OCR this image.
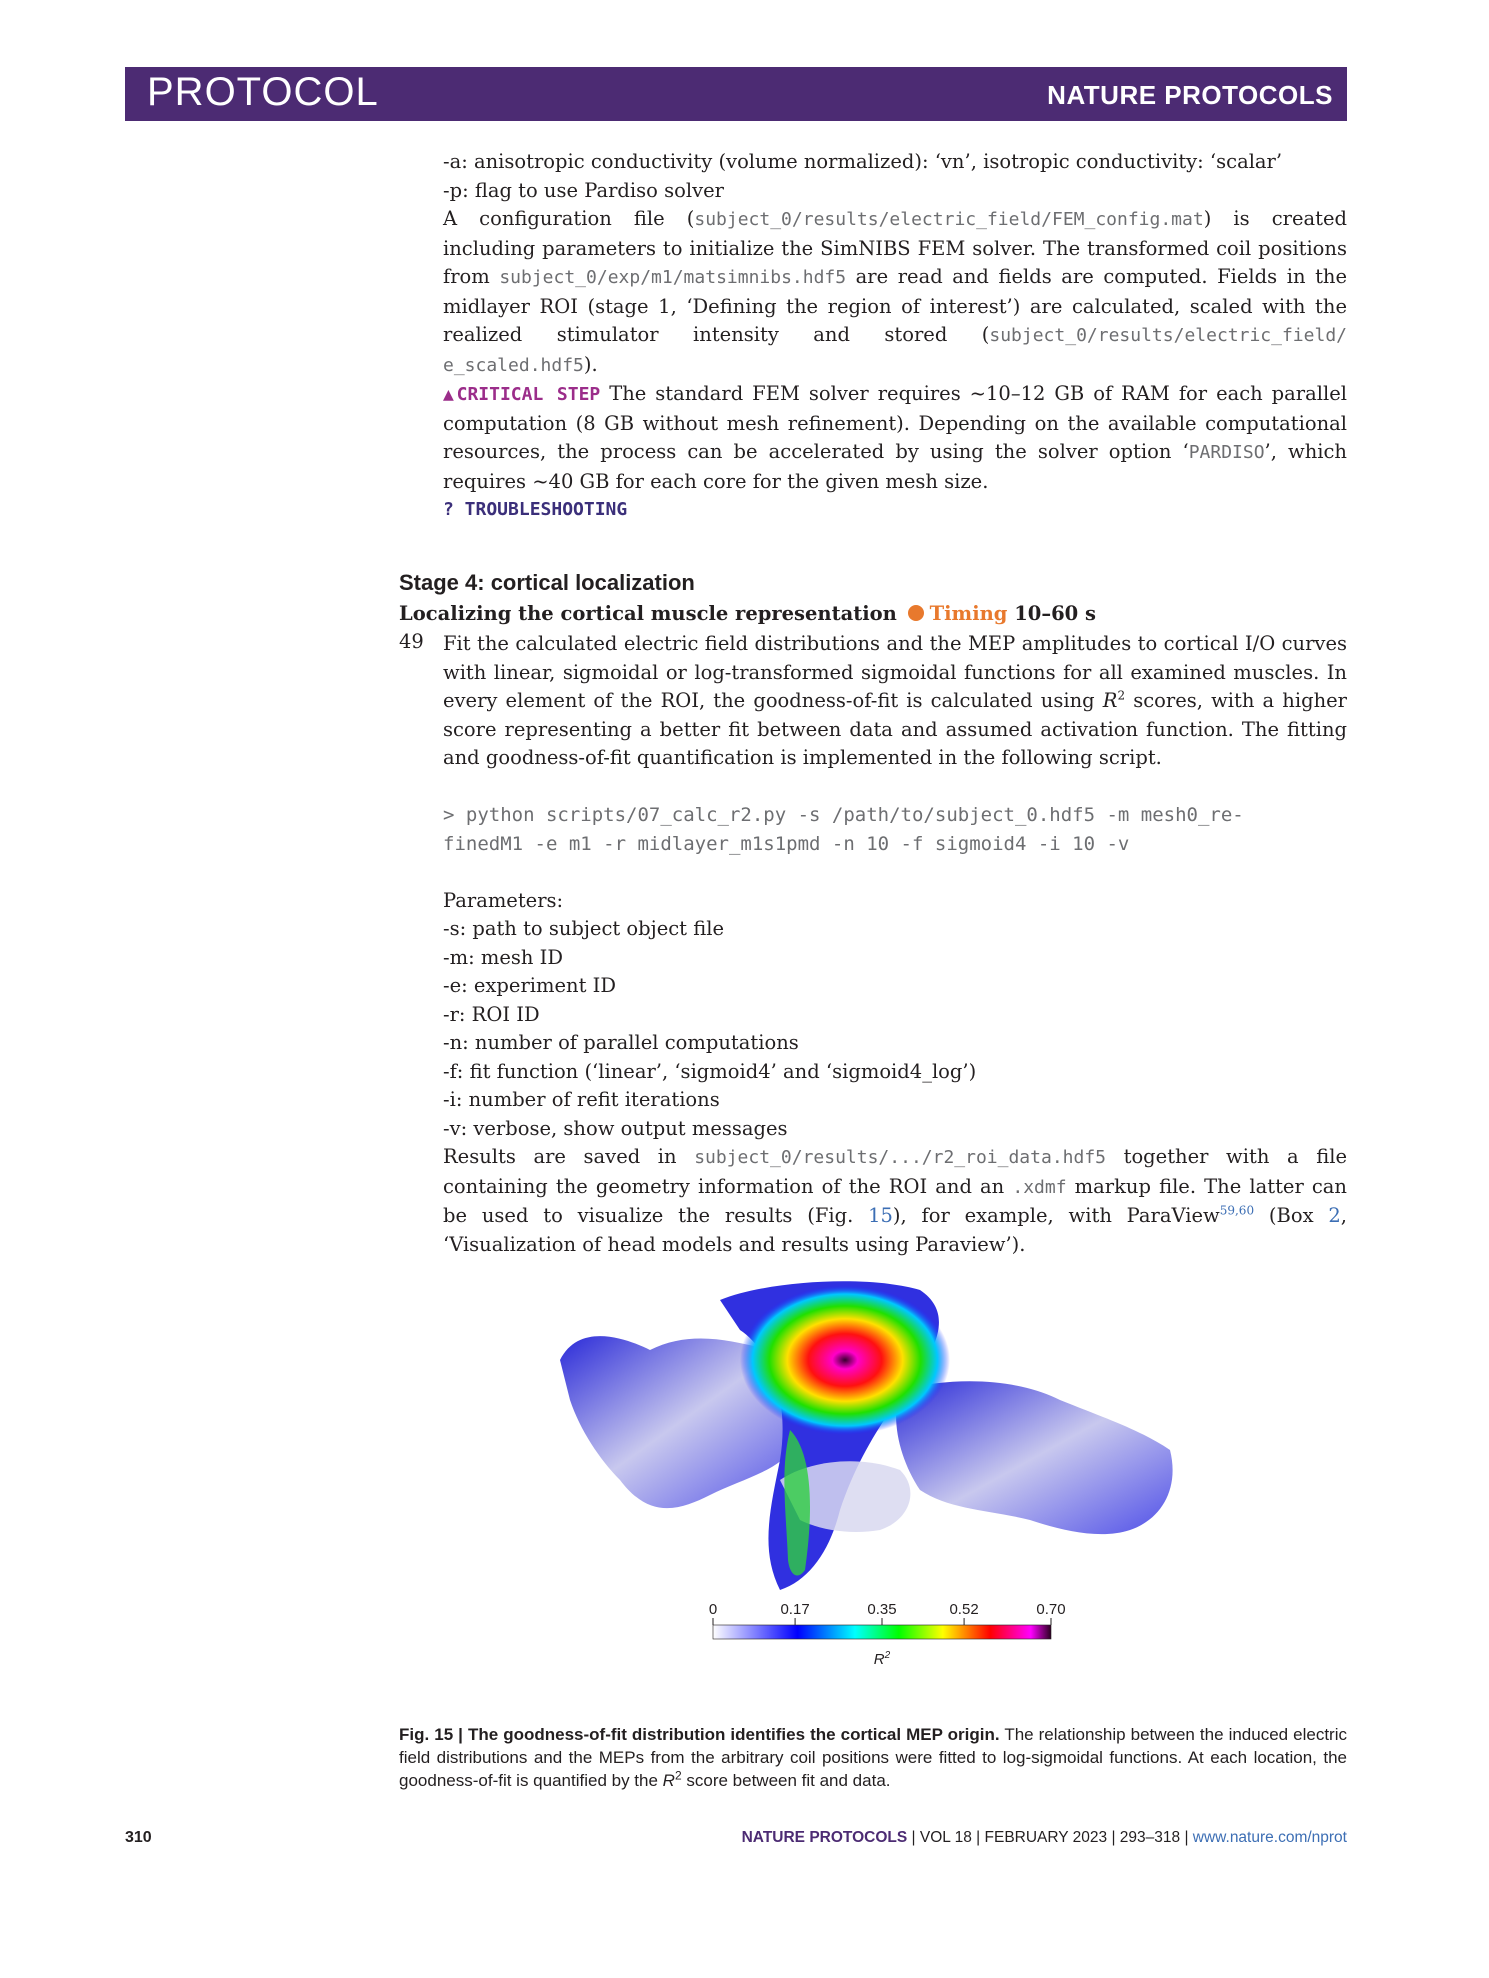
PROTOCOL	NATURE PROTOCOLS

-a: anisotropic conductivity (volume normalized): ‘vn’, isotropic conductivity: ‘scalar’

-p: flag to use Pardiso solver

A configuration file (subject_0/results/electric_field/FEM_config.mat) is created including parameters to initialize the SimNIBS FEM solver. The transformed coil positions from subject_0/exp/m1/matsimnibs.hdf5 are read and fields are computed. Fields in the midlayer ROI (stage 1, ‘Defining the region of interest’) are calculated, scaled with the realized stimulator intensity and stored (subject_0/results/electric_field/ e_scaled.hdf5).

▲CRITICAL STEP The standard FEM solver requires ~10–12 GB of RAM for each parallel computation (8 GB without mesh refinement). Depending on the available computational resources, the process can be accelerated by using the solver option ‘PARDISO’, which requires ~40 GB for each core for the given mesh size.

? TROUBLESHOOTING

Stage 4: cortical localization
Localizing the cortical muscle representation Timing 10–60 s
49 Fit the calculated electric field distributions and the MEP amplitudes to cortical I/O curves with linear, sigmoidal or log-transformed sigmoidal functions for all examined muscles. In every element of the ROI, the goodness-of-fit is calculated using $R^2$ scores, with a higher score representing a better fit between data and assumed activation function. The fitting and goodness-of-fit quantification is implemented in the following script.

> python scripts/07_calc_r2.py -s /path/to/subject_0.hdf5 -m mesh0_re-

finedM1 -e m1 -r midlayer_m1s1pmd -n 10 -f sigmoid4 -i 10 -v

Parameters:

-s: path to subject object file

-m: mesh ID

-e: experiment ID

-r: ROI ID

-n: number of parallel computations

-f: fit function (‘linear’, ‘sigmoid4’ and ‘sigmoid4_log’)

-i: number of refit iterations

-v: verbose, show output messages

Results are saved in subject_0/results/.../r2_roi_data.hdf5 together with a file containing the geometry information of the ROI and an .xdmf markup file. The latter can be used to visualize the results (Fig. 15), for example, with ParaView$^{59,60}$ (Box 2, ‘Visualization of head models and results using Paraview’).

0	0.17	0.35	0.52	0.70
$R^2$
Fig. 15 | The goodness-of-fit distribution identifies the cortical MEP origin. The relationship between the induced electric field distributions and the MEPs from the arbitrary coil positions were fitted to log-sigmoidal functions. At each location, the goodness-of-fit is quantified by the $R^2$ score between fit and data.
310	NATURE PROTOCOLS | VOL 18 | FEBRUARY 2023 | 293–318 | www.nature.com/nprot
